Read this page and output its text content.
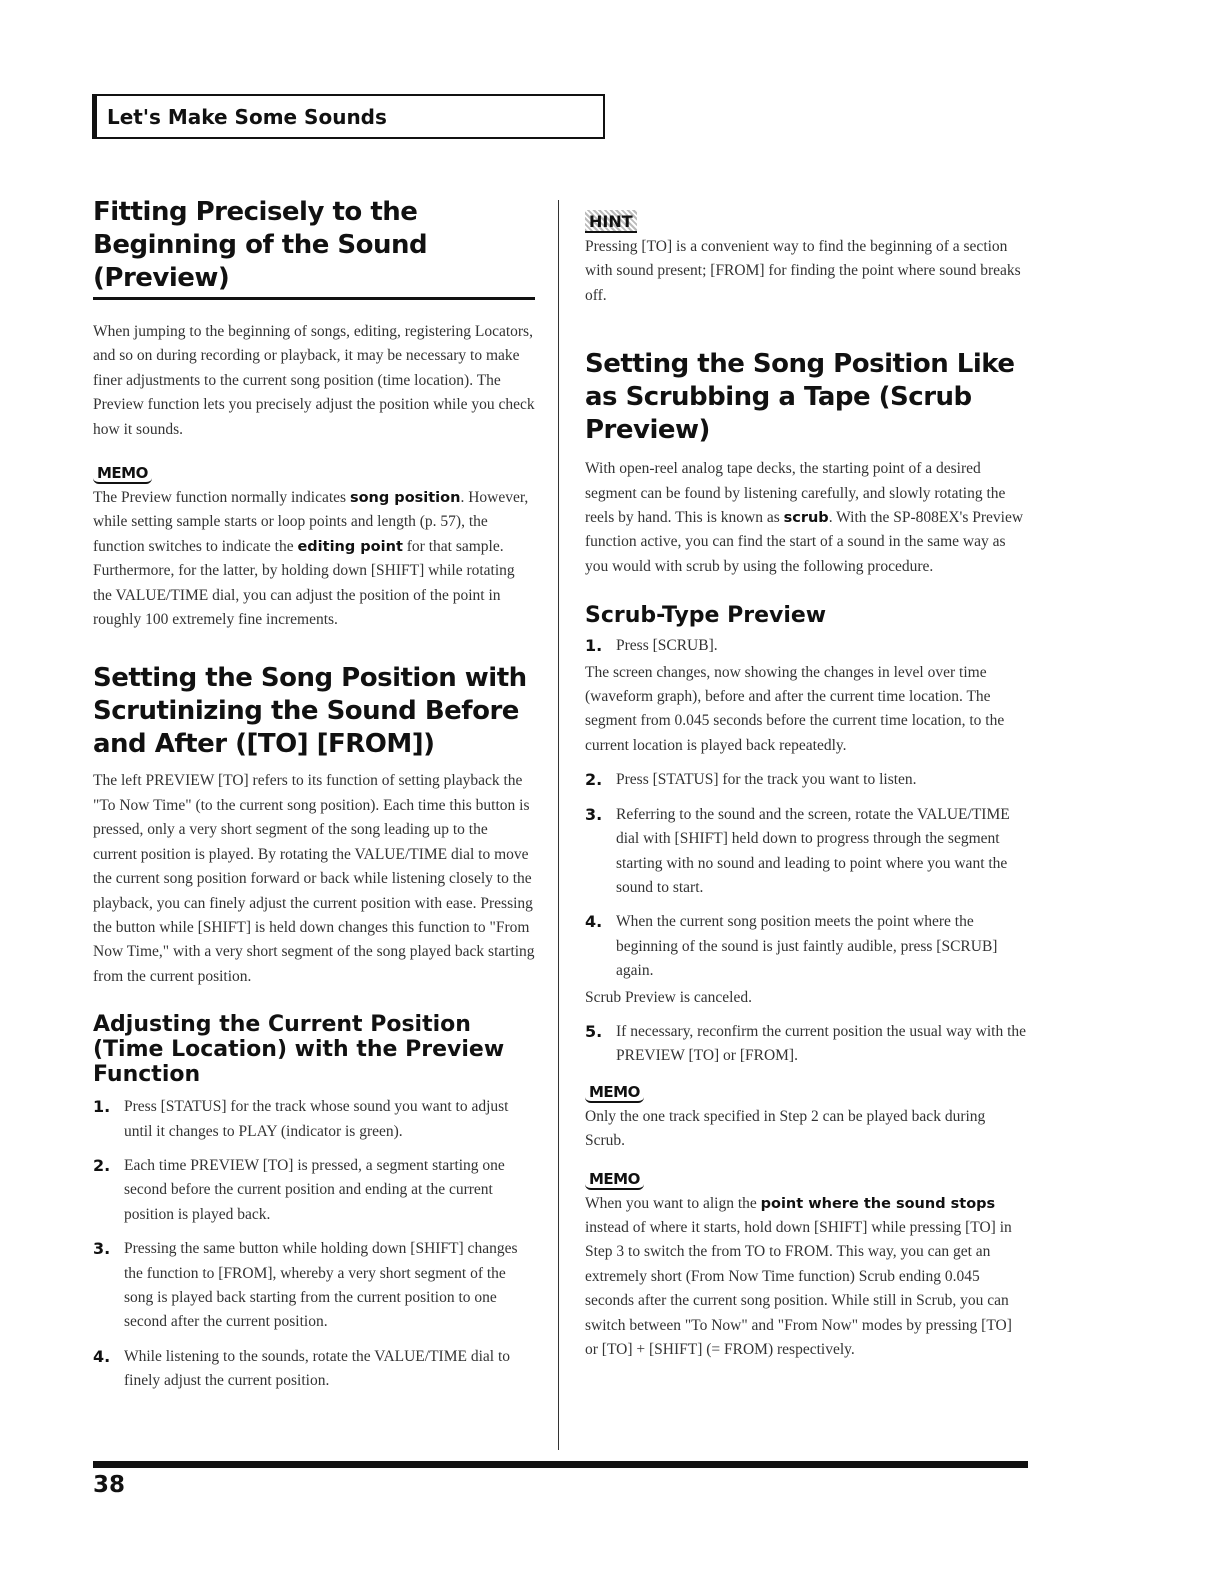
Let's Make Some Sounds
Fitting Precisely to the Beginning of the Sound (Preview)

When jumping to the beginning of songs, editing, registering Locators, and so on during recording or playback, it may be necessary to make finer adjustments to the current song position (time location). The Preview function lets you precisely adjust the position while you check how it sounds.

MEMO

The Preview function normally indicates song position. However, while setting sample starts or loop points and length (p. 57), the function switches to indicate the editing point for that sample. Furthermore, for the latter, by holding down [SHIFT] while rotating the VALUE/TIME dial, you can adjust the position of the point in roughly 100 extremely fine increments.

Setting the Song Position with Scrutinizing the Sound Before and After ([TO] [FROM])

The left PREVIEW [TO] refers to its function of setting playback the "To Now Time" (to the current song position). Each time this button is pressed, only a very short segment of the song leading up to the current position is played. By rotating the VALUE/TIME dial to move the current song position forward or back while listening closely to the playback, you can finely adjust the current position with ease. Pressing the button while [SHIFT] is held down changes this function to "From Now Time," with a very short segment of the song played back starting from the current position.

Adjusting the Current Position (Time Location) with the Preview Function
1. Press [STATUS] for the track whose sound you want to adjust until it changes to PLAY (indicator is green).

2. Each time PREVIEW [TO] is pressed, a segment starting one second before the current position and ending at the current position is played back.

3. Pressing the same button while holding down [SHIFT] changes the function to [FROM], whereby a very short segment of the song is played back starting from the current position to one second after the current position.

4. While listening to the sounds, rotate the VALUE/TIME dial to finely adjust the current position.

HINT

Pressing [TO] is a convenient way to find the beginning of a section with sound present; [FROM] for finding the point where sound breaks off.

Setting the Song Position Like as Scrubbing a Tape (Scrub Preview)

With open-reel analog tape decks, the starting point of a desired segment can be found by listening carefully, and slowly rotating the reels by hand. This is known as scrub. With the SP-808EX's Preview function active, you can find the start of a sound in the same way as you would with scrub by using the following procedure.

Scrub-Type Preview
1. Press [SCRUB].

The screen changes, now showing the changes in level over time (waveform graph), before and after the current time location. The segment from 0.045 seconds before the current time location, to the current location is played back repeatedly.

2. Press [STATUS] for the track you want to listen.

3. Referring to the sound and the screen, rotate the VALUE/TIME dial with [SHIFT] held down to progress through the segment starting with no sound and leading to point where you want the sound to start.

4. When the current song position meets the point where the beginning of the sound is just faintly audible, press [SCRUB] again.

Scrub Preview is canceled.

5. If necessary, reconfirm the current position the usual way with the PREVIEW [TO] or [FROM].

MEMO

Only the one track specified in Step 2 can be played back during Scrub.

MEMO

When you want to align the point where the sound stops instead of where it starts, hold down [SHIFT] while pressing [TO] in Step 3 to switch the from TO to FROM. This way, you can get an extremely short (From Now Time function) Scrub ending 0.045 seconds after the current song position. While still in Scrub, you can switch between "To Now" and "From Now" modes by pressing [TO] or [TO] + [SHIFT] (= FROM) respectively.

38
